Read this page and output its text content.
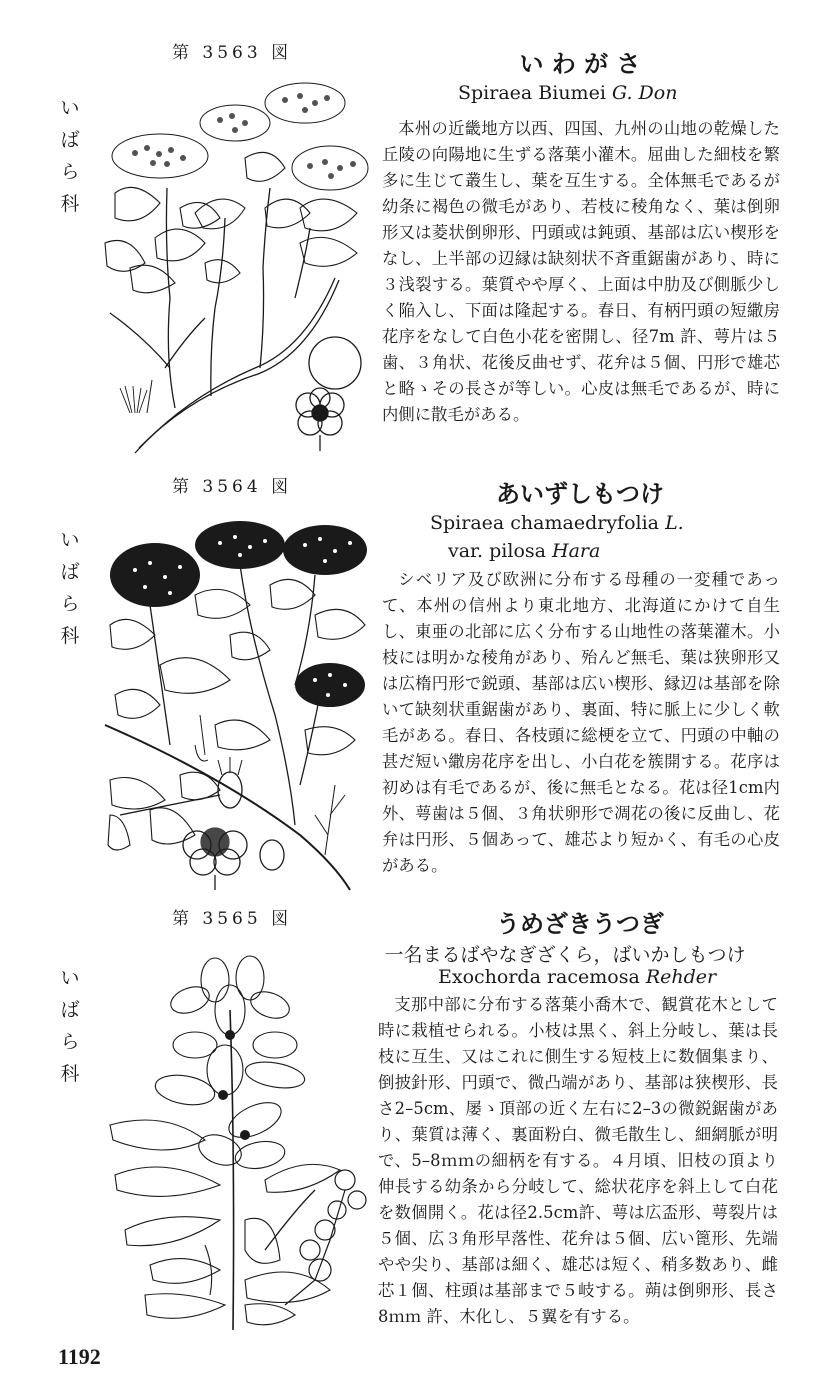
第 3563 図
い
ば
ら
科
い わ が さ
Spiraea Biumei G. Don

本州の近畿地方以西、四国、九州の山地の乾燥した丘陵の向陽地に生ずる落葉小灌木。屈曲した細枝を繁多に生じて叢生し、葉を互生する。全体無毛であるが幼条に褐色の微毛があり、若枝に稜角なく、葉は倒卵形又は菱状倒卵形、円頭或は鈍頭、基部は広い楔形をなし、上半部の辺縁は缺刻状不斉重鋸歯があり、時に３浅裂する。葉質やや厚く、上面は中肋及び側脈少しく陥入し、下面は隆起する。春日、有柄円頭の短繖房花序をなして白色小花を密開し、径7m 許、萼片は５歯、３角状、花後反曲せず、花弁は５個、円形で雄芯と略ゝその長さが等しい。心皮は無毛であるが、時に内側に散毛がある。

第 3564 図
い
ば
ら
科
あいずしもつけ
Spiraea chamaedryfolia L.
var. pilosa Hara

シベリア及び欧洲に分布する母種の一変種であって、本州の信州より東北地方、北海道にかけて自生し、東亜の北部に広く分布する山地性の落葉灌木。小枝には明かな稜角があり、殆んど無毛、葉は狭卵形又は広楕円形で鋭頭、基部は広い楔形、縁辺は基部を除いて缺刻状重鋸歯があり、裏面、特に脈上に少しく軟毛がある。春日、各枝頭に総梗を立て、円頭の中軸の甚だ短い繖房花序を出し、小白花を簇開する。花序は初めは有毛であるが、後に無毛となる。花は径1cm内外、萼歯は５個、３角状卵形で凋花の後に反曲し、花弁は円形、５個あって、雄芯より短かく、有毛の心皮がある。

第 3565 図
い
ば
ら
科
うめざきうつぎ
一名まるばやなぎざくら，ばいかしもつけ
Exochorda racemosa Rehder

支那中部に分布する落葉小喬木で、観賞花木として時に栽植せられる。小枝は黒く、斜上分岐し、葉は長枝に互生、又はこれに側生する短枝上に数個集まり、倒披針形、円頭で、微凸端があり、基部は狭楔形、長さ2–5cm、屡ゝ頂部の近く左右に2–3の微鋭鋸歯があり、葉質は薄く、裏面粉白、微毛散生し、細網脈が明で、5–8ｍｍの細柄を有する。４月頃、旧枝の頂より伸長する幼条から分岐して、総状花序を斜上して白花を数個開く。花は径2.5cm許、萼は広盃形、萼裂片は５個、広３角形早落性、花弁は５個、広い篦形、先端やや尖り、基部は細く、雄芯は短く、稍多数あり、雌芯１個、柱頭は基部まで５岐する。蒴は倒卵形、長さ 8ｍｍ 許、木化し、５翼を有する。

1192
